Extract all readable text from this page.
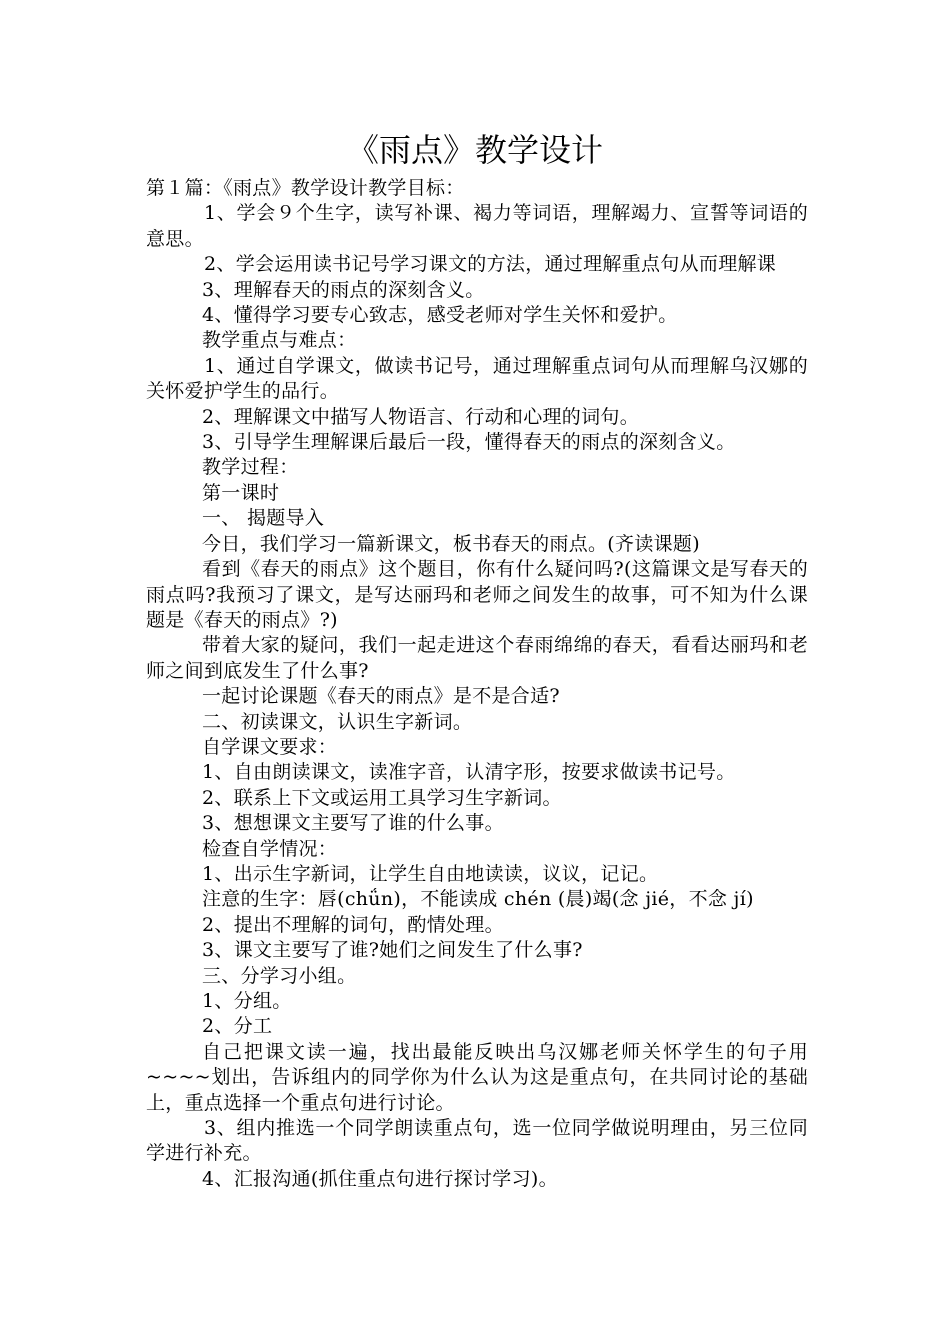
《雨点》教学设计

第１篇：《雨点》教学设计教学目标：

1、学会９个生字，读写补课、褐力等词语，理解竭力、宣誓等词语的意思。

2、学会运用读书记号学习课文的方法，通过理解重点句从而理解课

3、理解春天的雨点的深刻含义。

4、懂得学习要专心致志，感受老师对学生关怀和爱护。

教学重点与难点：

1、通过自学课文，做读书记号，通过理解重点词句从而理解乌汉娜的关怀爱护学生的品行。

2、理解课文中描写人物语言、行动和心理的词句。

3、引导学生理解课后最后一段，懂得春天的雨点的深刻含义。

教学过程：

第一课时

一、 揭题导入

今日，我们学习一篇新课文，板书春天的雨点。(齐读课题)

看到《春天的雨点》这个题目，你有什么疑问吗?(这篇课文是写春天的雨点吗?我预习了课文，是写达丽玛和老师之间发生的故事，可不知为什么课题是《春天的雨点》?)

带着大家的疑问，我们一起走进这个春雨绵绵的春天，看看达丽玛和老师之间到底发生了什么事?

一起讨论课题《春天的雨点》是不是合适?

二、初读课文，认识生字新词。

自学课文要求：

1、自由朗读课文，读准字音，认清字形，按要求做读书记号。

2、联系上下文或运用工具学习生字新词。

3、想想课文主要写了谁的什么事。

检查自学情况：

1、出示生字新词，让学生自由地读读，议议，记记。

注意的生字：唇(chǘn)，不能读成 chén (晨)竭(念 jié，不念 jí)

2、提出不理解的词句，酌情处理。

3、课文主要写了谁?她们之间发生了什么事?

三、分学习小组。

1、分组。

2、分工

自己把课文读一遍，找出最能反映出乌汉娜老师关怀学生的句子用~~~~划出，告诉组内的同学你为什么认为这是重点句，在共同讨论的基础 上，重点选择一个重点句进行讨论。

3、组内推选一个同学朗读重点句，选一位同学做说明理由，另三位同学进行补充。

4、汇报沟通(抓住重点句进行探讨学习)。
